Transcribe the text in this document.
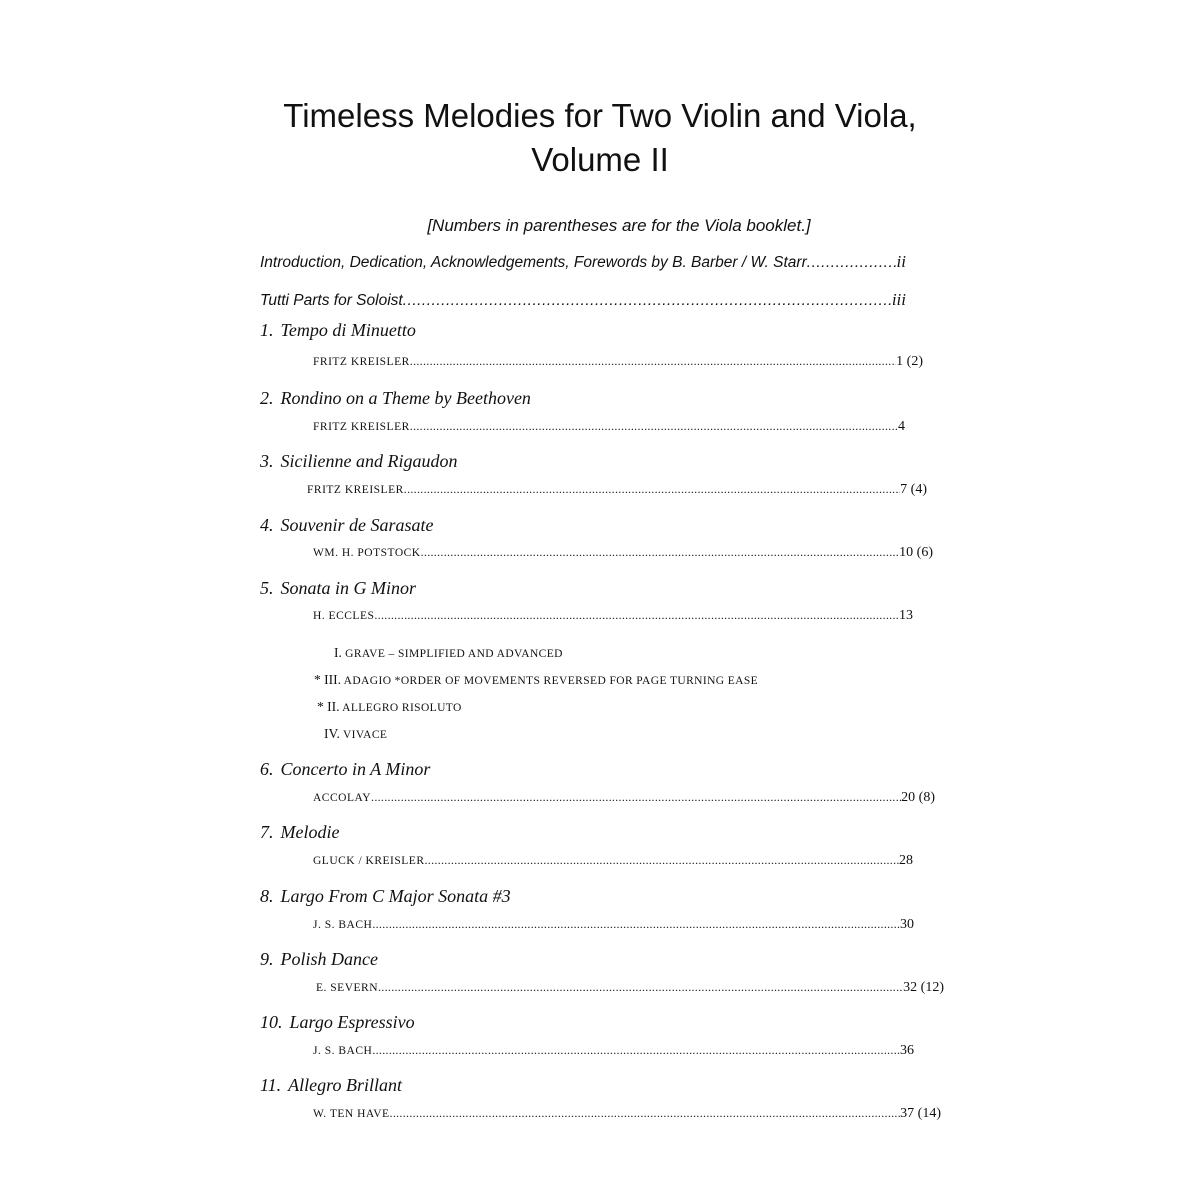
Timeless Melodies for Two Violin and Viola,
Volume II
[Numbers in parentheses are for the Viola booklet.]
Introduction, Dedication, Acknowledgements, Forewords by B. Barber / W. Starr .....	ii
Tutti Parts for Soloist .....	iii
1. Tempo di Minuetto
FRITZ KREISLER .....	1 (2)
2. Rondino on a Theme by Beethoven
FRITZ KREISLER .....	4
3. Sicilienne and Rigaudon
FRITZ KREISLER .....	7 (4)
4. Souvenir de Sarasate
WM. H. POTSTOCK .....	10 (6)
5. Sonata in G Minor
H. ECCLES .....	13
I. GRAVE – SIMPLIFIED AND ADVANCED
* III. ADAGIO *ORDER OF MOVEMENTS REVERSED FOR PAGE TURNING EASE
* II. ALLEGRO RISOLUTO
IV. VIVACE
6. Concerto in A Minor
ACCOLAY .....	20 (8)
7. Melodie
GLUCK / KREISLER .....	28
8. Largo From C Major Sonata #3
J. S. BACH .....	30
9. Polish Dance
E. SEVERN .....	32 (12)
10. Largo Espressivo
J. S. BACH .....	36
11. Allegro Brillant
W. TEN HAVE .....	37 (14)
